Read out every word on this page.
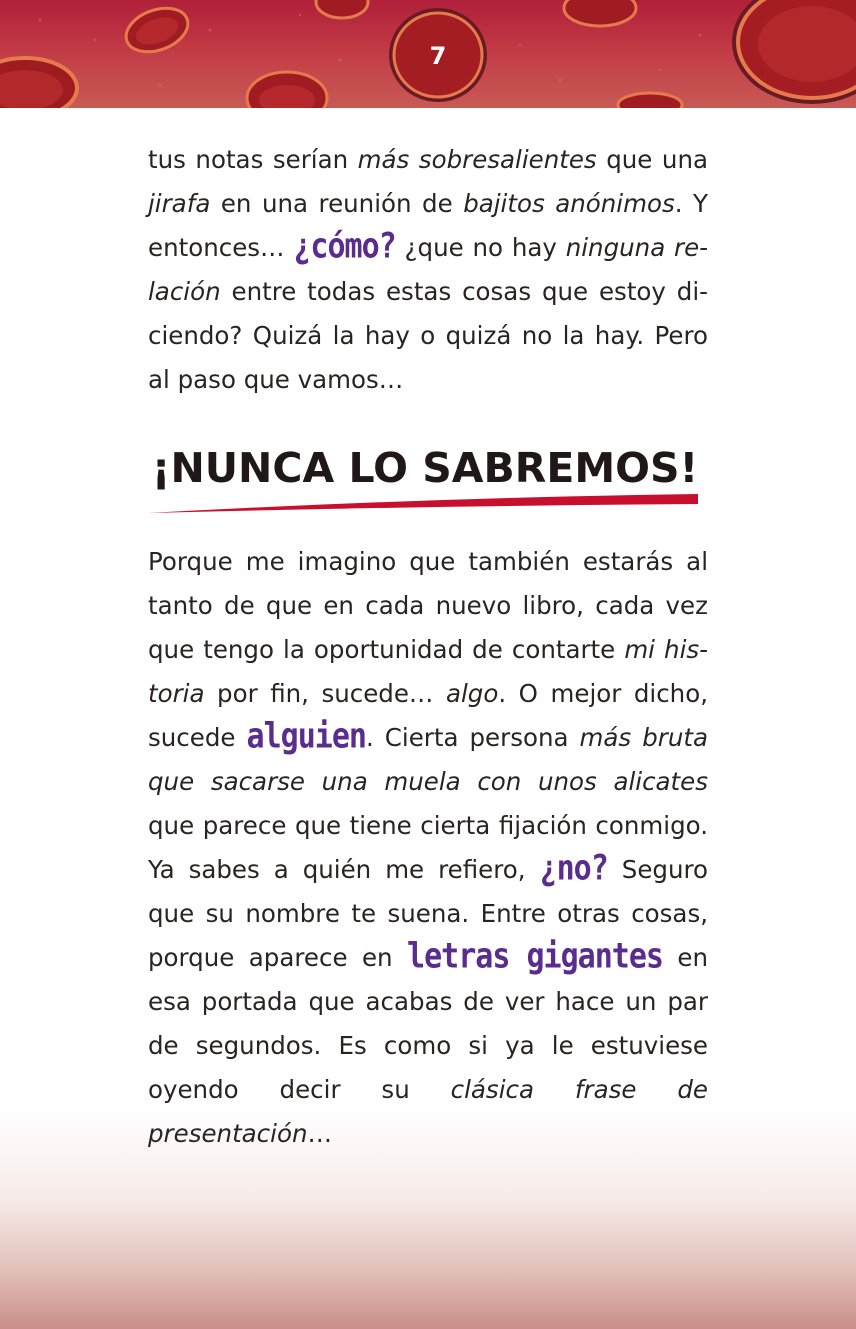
7

tus notas serían más sobresalientes que una jirafa en una reunión de bajitos anónimos. Y entonces… ¿cómo? ¿que no hay ninguna relación entre todas estas cosas que estoy diciendo? Quizá la hay o quizá no la hay. Pero al paso que vamos…

¡NUNCA LO SABREMOS!

Porque me imagino que también estarás al tanto de que en cada nuevo libro, cada vez que tengo la oportunidad de contarte mi historia por fin, sucede… algo. O mejor dicho, sucede alguien. Cierta persona más bruta que sacarse una muela con unos alicates que parece que tiene cierta fijación conmigo. Ya sabes a quién me refiero, ¿no? Seguro que su nombre te suena. Entre otras cosas, porque aparece en letras gigantes en esa portada que acabas de ver hace un par de segundos. Es como si ya le estuviese oyendo decir su clásica frase de presentación…
